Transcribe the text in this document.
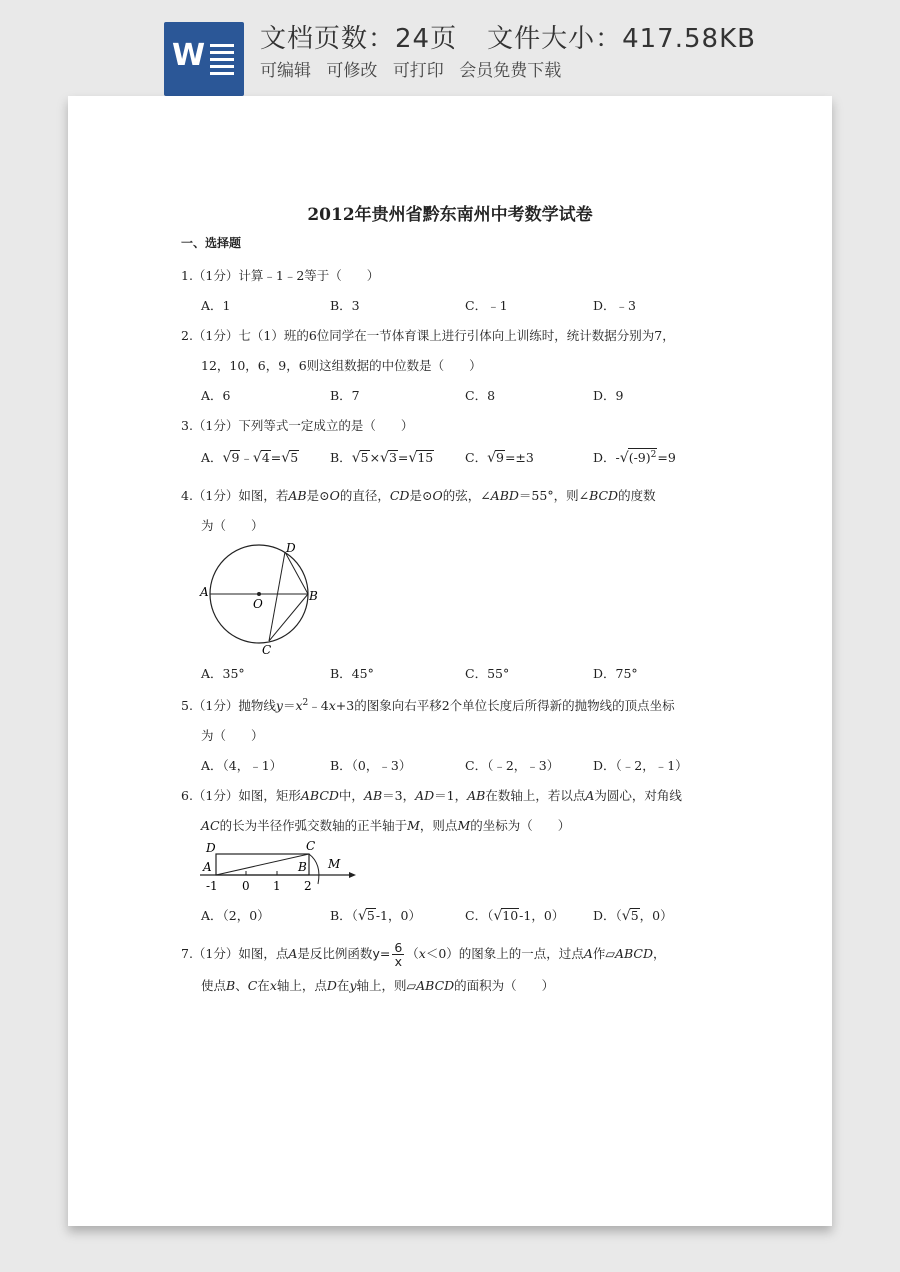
W 文档页数：24页 文件大小：417.58KB
可编辑 可修改 可打印 会员免费下载
2012年贵州省黔东南州中考数学试卷
一、选择题
1.（1分）计算﹣1﹣2等于（　　）
A．1	B．3	C．﹣1	D．﹣3
2.（1分）七（1）班的6位同学在一节体育课上进行引体向上训练时，统计数据分别为7，
12，10，6，9，6则这组数据的中位数是（　　）
A．6	B．7	C．8	D．9
3.（1分）下列等式一定成立的是（　　）
A．√9﹣√4=√5	B．√5×√3=√15	C．√9=±3	D．$-√(-9)^2=9$
4.（1分）如图，若AB是⊙O的直径，CD是⊙O的弦，∠ABD＝55°，则∠BCD的度数
为（　　）
A	B
C
D
O
A．35°	B．45°	C．55°	D．75°
5.（1分）抛物线$y=x^2﹣4x+3$的图象向右平移2个单位长度后所得新的抛物线的顶点坐标
为（　　）
A．（4，﹣1）	B．（0，﹣3）	C．（﹣2，﹣3）	D．（﹣2，﹣1）
6.（1分）如图，矩形ABCD中，AB＝3，AD＝1，AB在数轴上，若以点A为圆心，对角线
AC的长为半径作弧交数轴的正半轴于M，则点M的坐标为（　　）
D	C
A	B M
-1 0 1 2
A．（2，0）	B．（√5-1，0）	C．（√10-1，0） D．（√5，0）
7.（1分）如图，点A是反比例函数$y= \frac{6}{x} (x<0)$的图象上的一点，过点A作▱ABCD，
使点B、C在x轴上，点D在y轴上，则▱ABCD的面积为（　　）
